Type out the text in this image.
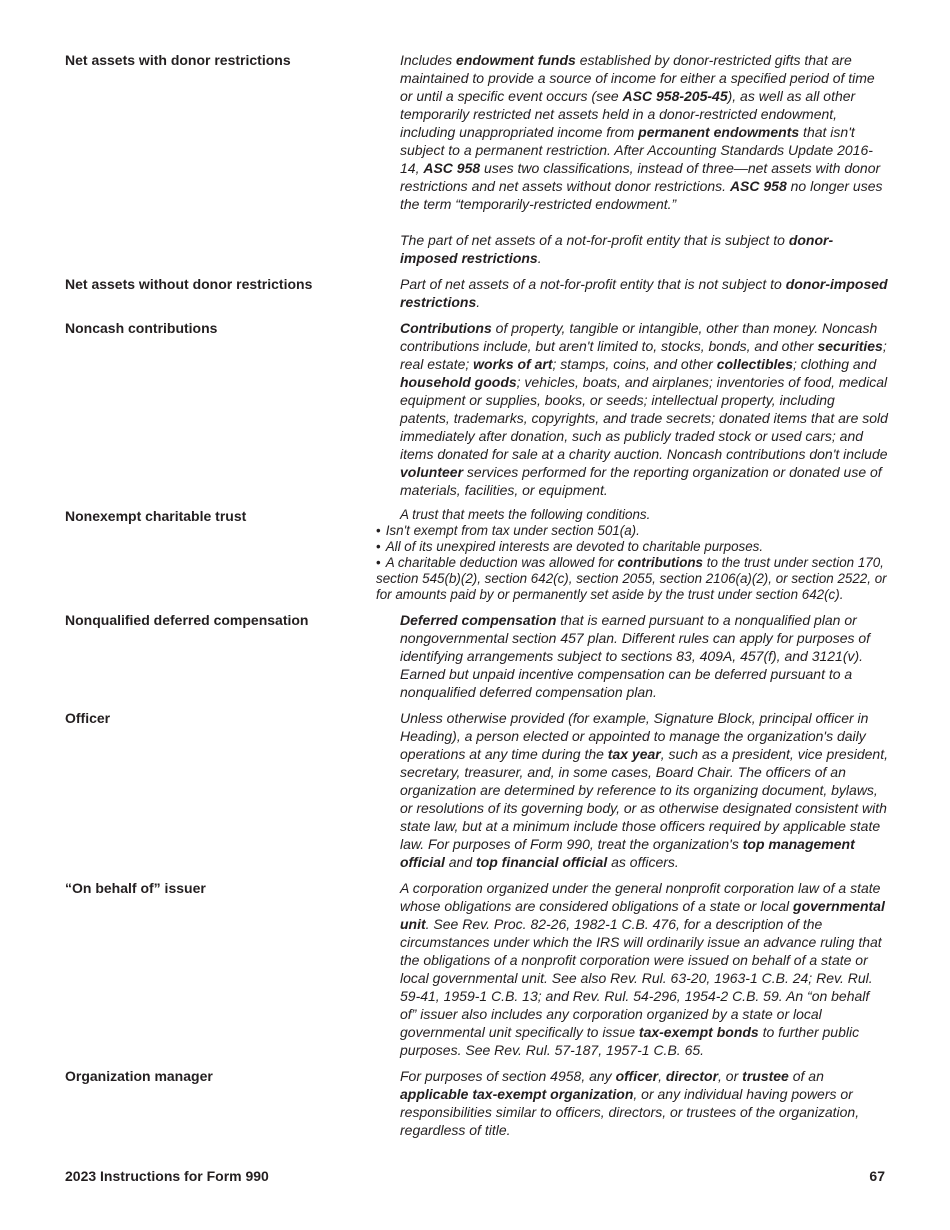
Net assets with donor restrictions	Includes endowment funds established by donor-restricted gifts that are maintained to provide a source of income for either a specified period of time or until a specific event occurs (see ASC 958-205-45), as well as all other temporarily restricted net assets held in a donor-restricted endowment, including unappropriated income from permanent endowments that isn't subject to a permanent restriction. After Accounting Standards Update 2016-14, ASC 958 uses two classifications, instead of three—net assets with donor restrictions and net assets without donor restrictions. ASC 958 no longer uses the term “temporarily-restricted endowment.”

The part of net assets of a not-for-profit entity that is subject to donor-imposed restrictions.

Net assets without donor restrictions	Part of net assets of a not-for-profit entity that is not subject to donor-imposed restrictions.

Noncash contributions	Contributions of property, tangible or intangible, other than money. Noncash contributions include, but aren't limited to, stocks, bonds, and other securities; real estate; works of art; stamps, coins, and other collectibles; clothing and household goods; vehicles, boats, and airplanes; inventories of food, medical equipment or supplies, books, or seeds; intellectual property, including patents, trademarks, copyrights, and trade secrets; donated items that are sold immediately after donation, such as publicly traded stock or used cars; and items donated for sale at a charity auction. Noncash contributions don't include volunteer services performed for the reporting organization or donated use of materials, facilities, or equipment.

Nonexempt charitable trust	A trust that meets the following conditions.

• Isn't exempt from tax under section 501(a).

• All of its unexpired interests are devoted to charitable purposes.

• A charitable deduction was allowed for contributions to the trust under section 170, section 545(b)(2), section 642(c), section 2055, section 2106(a)(2), or section 2522, or for amounts paid by or permanently set aside by the trust under section 642(c).

Nonqualified deferred compensation	Deferred compensation that is earned pursuant to a nonqualified plan or nongovernmental section 457 plan. Different rules can apply for purposes of identifying arrangements subject to sections 83, 409A, 457(f), and 3121(v). Earned but unpaid incentive compensation can be deferred pursuant to a nonqualified deferred compensation plan.

Officer	Unless otherwise provided (for example, Signature Block, principal officer in Heading), a person elected or appointed to manage the organization's daily operations at any time during the tax year, such as a president, vice president, secretary, treasurer, and, in some cases, Board Chair. The officers of an organization are determined by reference to its organizing document, bylaws, or resolutions of its governing body, or as otherwise designated consistent with state law, but at a minimum include those officers required by applicable state law. For purposes of Form 990, treat the organization's top management official and top financial official as officers.

“On behalf of” issuer	A corporation organized under the general nonprofit corporation law of a state whose obligations are considered obligations of a state or local governmental unit. See Rev. Proc. 82-26, 1982-1 C.B. 476, for a description of the circumstances under which the IRS will ordinarily issue an advance ruling that the obligations of a nonprofit corporation were issued on behalf of a state or local governmental unit. See also Rev. Rul. 63-20, 1963-1 C.B. 24; Rev. Rul. 59-41, 1959-1 C.B. 13; and Rev. Rul. 54-296, 1954-2 C.B. 59. An “on behalf of” issuer also includes any corporation organized by a state or local governmental unit specifically to issue tax-exempt bonds to further public purposes. See Rev. Rul. 57-187, 1957-1 C.B. 65.

Organization manager	For purposes of section 4958, any officer, director, or trustee of an applicable tax-exempt organization, or any individual having powers or responsibilities similar to officers, directors, or trustees of the organization, regardless of title.

2023 Instructions for Form 990	67
